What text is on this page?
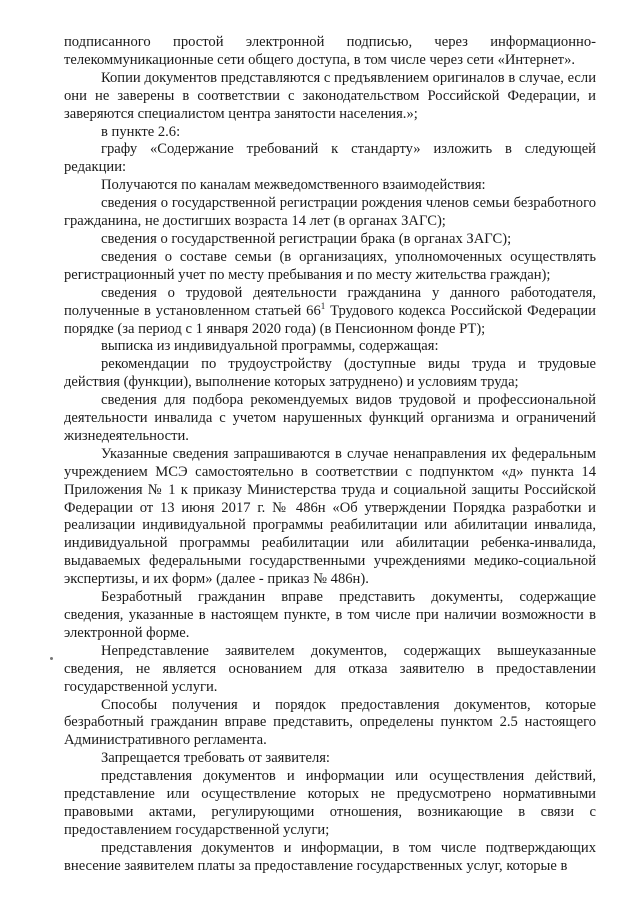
подписанного простой электронной подписью, через информационно-телекоммуникационные сети общего доступа, в том числе через сети «Интернет».

Копии документов представляются с предъявлением оригиналов в случае, если они не заверены в соответствии с законодательством Российской Федерации, и заверяются специалистом центра занятости населения.»;

в пункте 2.6:

графу «Содержание требований к стандарту» изложить в следующей редакции:

Получаются по каналам межведомственного взаимодействия:

сведения о государственной регистрации рождения членов семьи безработного гражданина, не достигших возраста 14 лет (в органах ЗАГС);

сведения о государственной регистрации брака (в органах ЗАГС);

сведения о составе семьи (в организациях, уполномоченных осуществлять регистрационный учет по месту пребывания и по месту жительства граждан);

сведения о трудовой деятельности гражданина у данного работодателя, полученные в установленном статьей $66^1$ Трудового кодекса Российской Федерации порядке (за период с 1 января 2020 года) (в Пенсионном фонде РТ);

выписка из индивидуальной программы, содержащая:

рекомендации по трудоустройству (доступные виды труда и трудовые действия (функции), выполнение которых затруднено) и условиям труда;

сведения для подбора рекомендуемых видов трудовой и профессиональной деятельности инвалида с учетом нарушенных функций организма и ограничений жизнедеятельности.

Указанные сведения запрашиваются в случае ненаправления их федеральным учреждением МСЭ самостоятельно в соответствии с подпунктом «д» пункта 14 Приложения № 1 к приказу Министерства труда и социальной защиты Российской Федерации от 13 июня 2017 г. № 486н «Об утверждении Порядка разработки и реализации индивидуальной программы реабилитации или абилитации инвалида, индивидуальной программы реабилитации или абилитации ребенка-инвалида, выдаваемых федеральными государственными учреждениями медико-социальной экспертизы, и их форм» (далее - приказ № 486н).

Безработный гражданин вправе представить документы, содержащие сведения, указанные в настоящем пункте, в том числе при наличии возможности в электронной форме.

Непредставление заявителем документов, содержащих вышеуказанные сведения, не является основанием для отказа заявителю в предоставлении государственной услуги.

Способы получения и порядок предоставления документов, которые безработный гражданин вправе представить, определены пунктом 2.5 настоящего Административного регламента.

Запрещается требовать от заявителя:

представления документов и информации или осуществления действий, представление или осуществление которых не предусмотрено нормативными правовыми актами, регулирующими отношения, возникающие в связи с предоставлением государственной услуги;

представления документов и информации, в том числе подтверждающих внесение заявителем платы за предоставление государственных услуг, которые в
